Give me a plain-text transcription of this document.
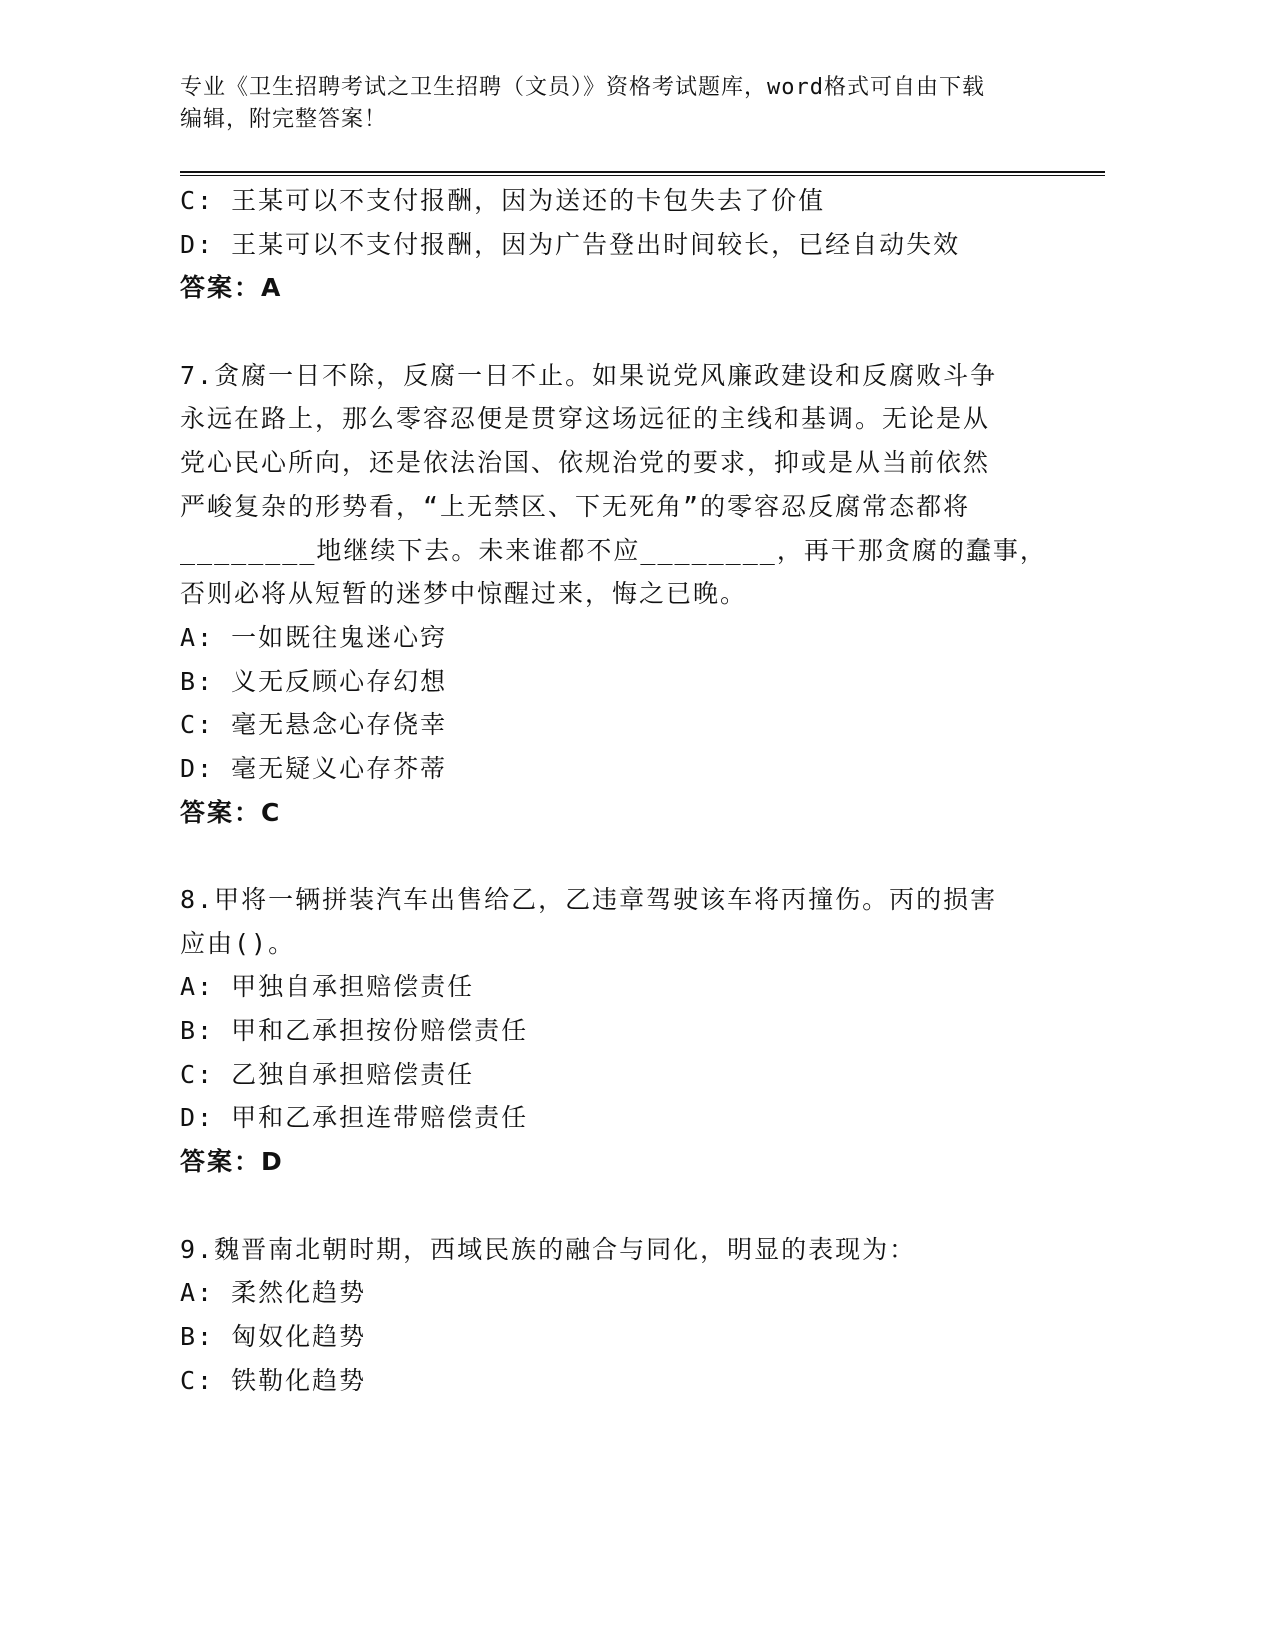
专业《卫生招聘考试之卫生招聘（文员）》资格考试题库，word格式可自由下载
编辑，附完整答案！
C: 王某可以不支付报酬，因为送还的卡包失去了价值
D: 王某可以不支付报酬，因为广告登出时间较长，已经自动失效
答案：A
7.贪腐一日不除，反腐一日不止。如果说党风廉政建设和反腐败斗争
永远在路上，那么零容忍便是贯穿这场远征的主线和基调。无论是从
党心民心所向，还是依法治国、依规治党的要求，抑或是从当前依然
严峻复杂的形势看，“上无禁区、下无死角”的零容忍反腐常态都将
________地继续下去。未来谁都不应________，再干那贪腐的蠢事，
否则必将从短暂的迷梦中惊醒过来，悔之已晚。
A: 一如既往鬼迷心窍
B: 义无反顾心存幻想
C: 毫无悬念心存侥幸
D: 毫无疑义心存芥蒂
答案：C
8.甲将一辆拼装汽车出售给乙，乙违章驾驶该车将丙撞伤。丙的损害
应由()。
A: 甲独自承担赔偿责任
B: 甲和乙承担按份赔偿责任
C: 乙独自承担赔偿责任
D: 甲和乙承担连带赔偿责任
答案：D
9.魏晋南北朝时期，西域民族的融合与同化，明显的表现为：
A: 柔然化趋势
B: 匈奴化趋势
C: 铁勒化趋势
